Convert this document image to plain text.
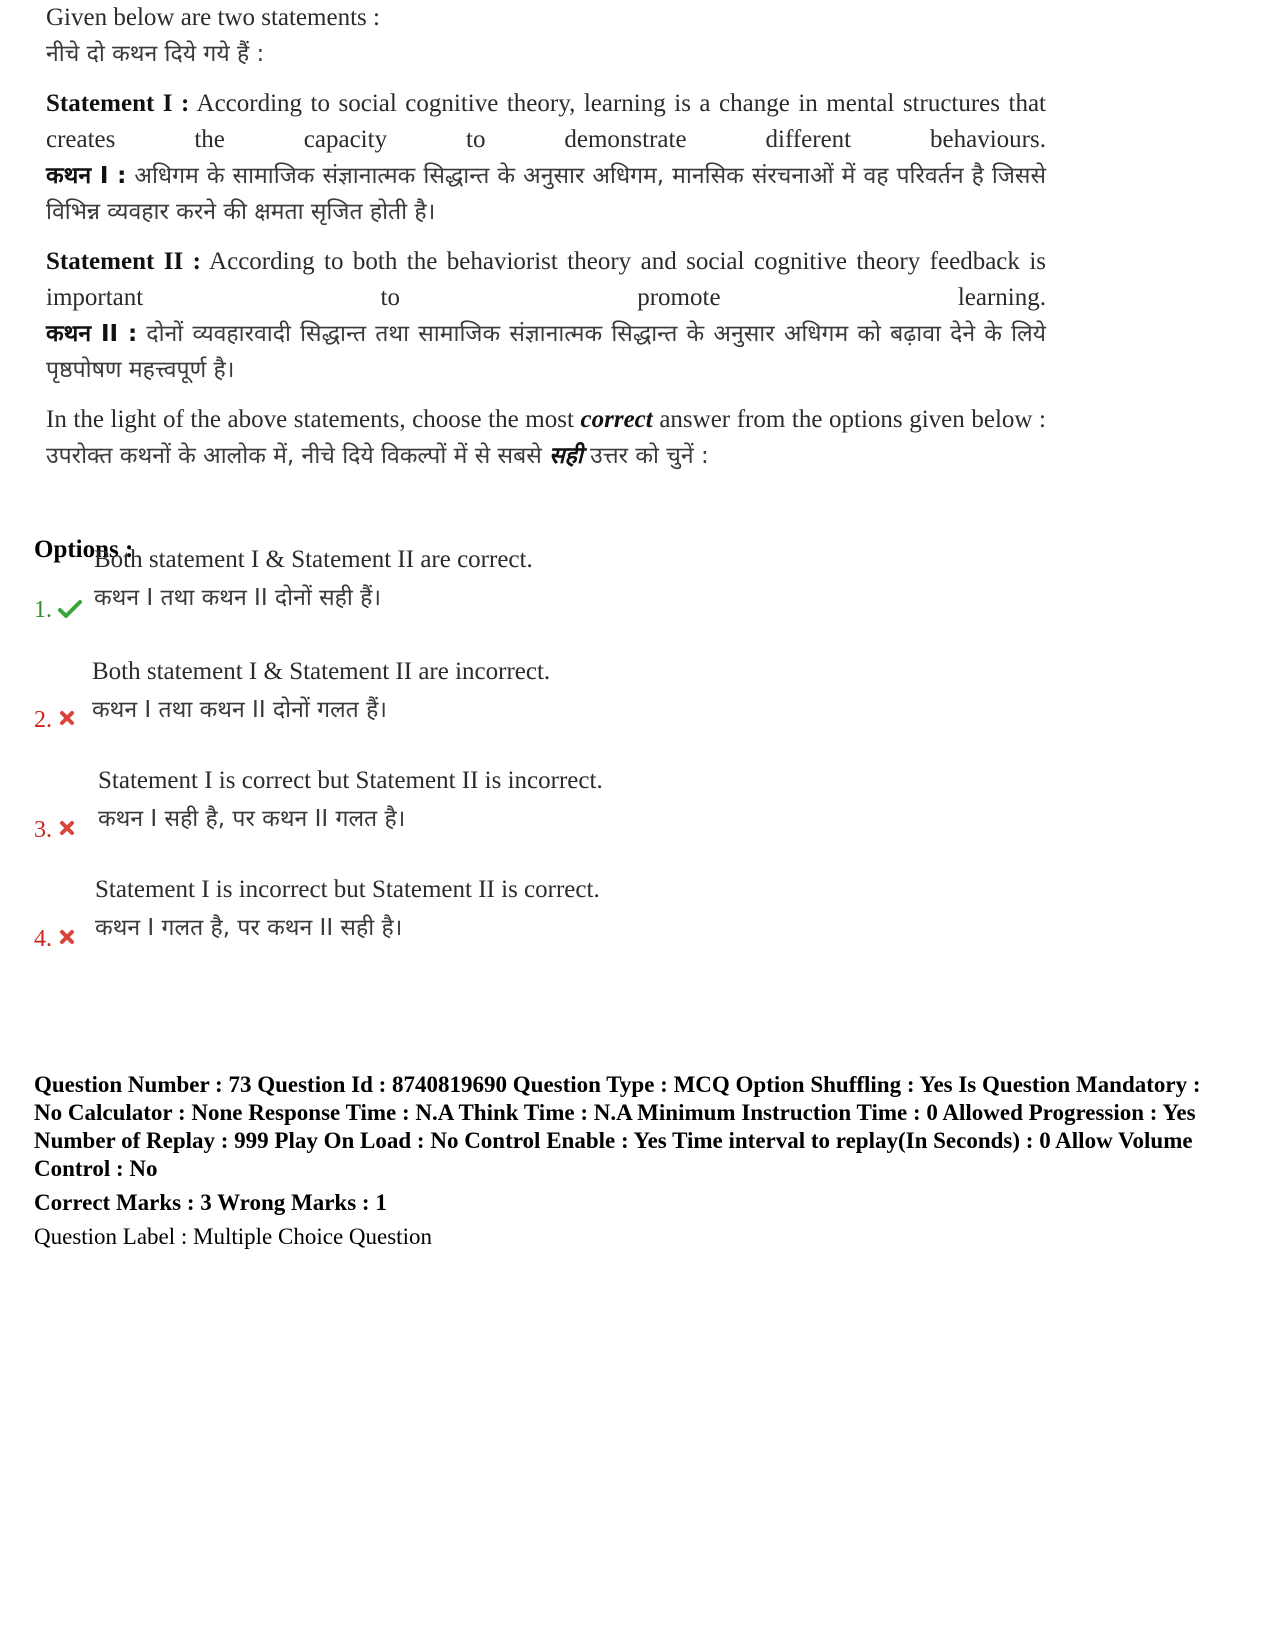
Given below are two statements :

नीचे दो कथन दिये गये हैं :

Statement I : According to social cognitive theory, learning is a change in mental structures that creates the capacity to demonstrate different behaviours.

कथन I : अधिगम के सामाजिक संज्ञानात्मक सिद्धान्त के अनुसार अधिगम, मानसिक संरचनाओं में वह परिवर्तन है जिससे विभिन्न व्यवहार करने की क्षमता सृजित होती है।

Statement II : According to both the behaviorist theory and social cognitive theory feedback is important to promote learning.

कथन II : दोनों व्यवहारवादी सिद्धान्त तथा सामाजिक संज्ञानात्मक सिद्धान्त के अनुसार अधिगम को बढ़ावा देने के लिये पृष्ठपोषण महत्त्वपूर्ण है।

In the light of the above statements, choose the most correct answer from the options given below :

उपरोक्त कथनों के आलोक में, नीचे दिये विकल्पों में से सबसे सही उत्तर को चुनें :

Options :
1.
Both statement I & Statement II are correct.
कथन I तथा कथन II दोनों सही हैं।
2.
Both statement I & Statement II are incorrect.
कथन I तथा कथन II दोनों गलत हैं।
3.
Statement I is correct but Statement II is incorrect.
कथन I सही है, पर कथन II गलत है।
4.
Statement I is incorrect but Statement II is correct.
कथन I गलत है, पर कथन II सही है।

Question Number : 73 Question Id : 8740819690 Question Type : MCQ Option Shuffling : Yes Is Question Mandatory : No Calculator : None Response Time : N.A Think Time : N.A Minimum Instruction Time : 0 Allowed Progression : Yes Number of Replay : 999 Play On Load : No Control Enable : Yes Time interval to replay(In Seconds) : 0 Allow Volume Control : No

Correct Marks : 3 Wrong Marks : 1

Question Label : Multiple Choice Question
